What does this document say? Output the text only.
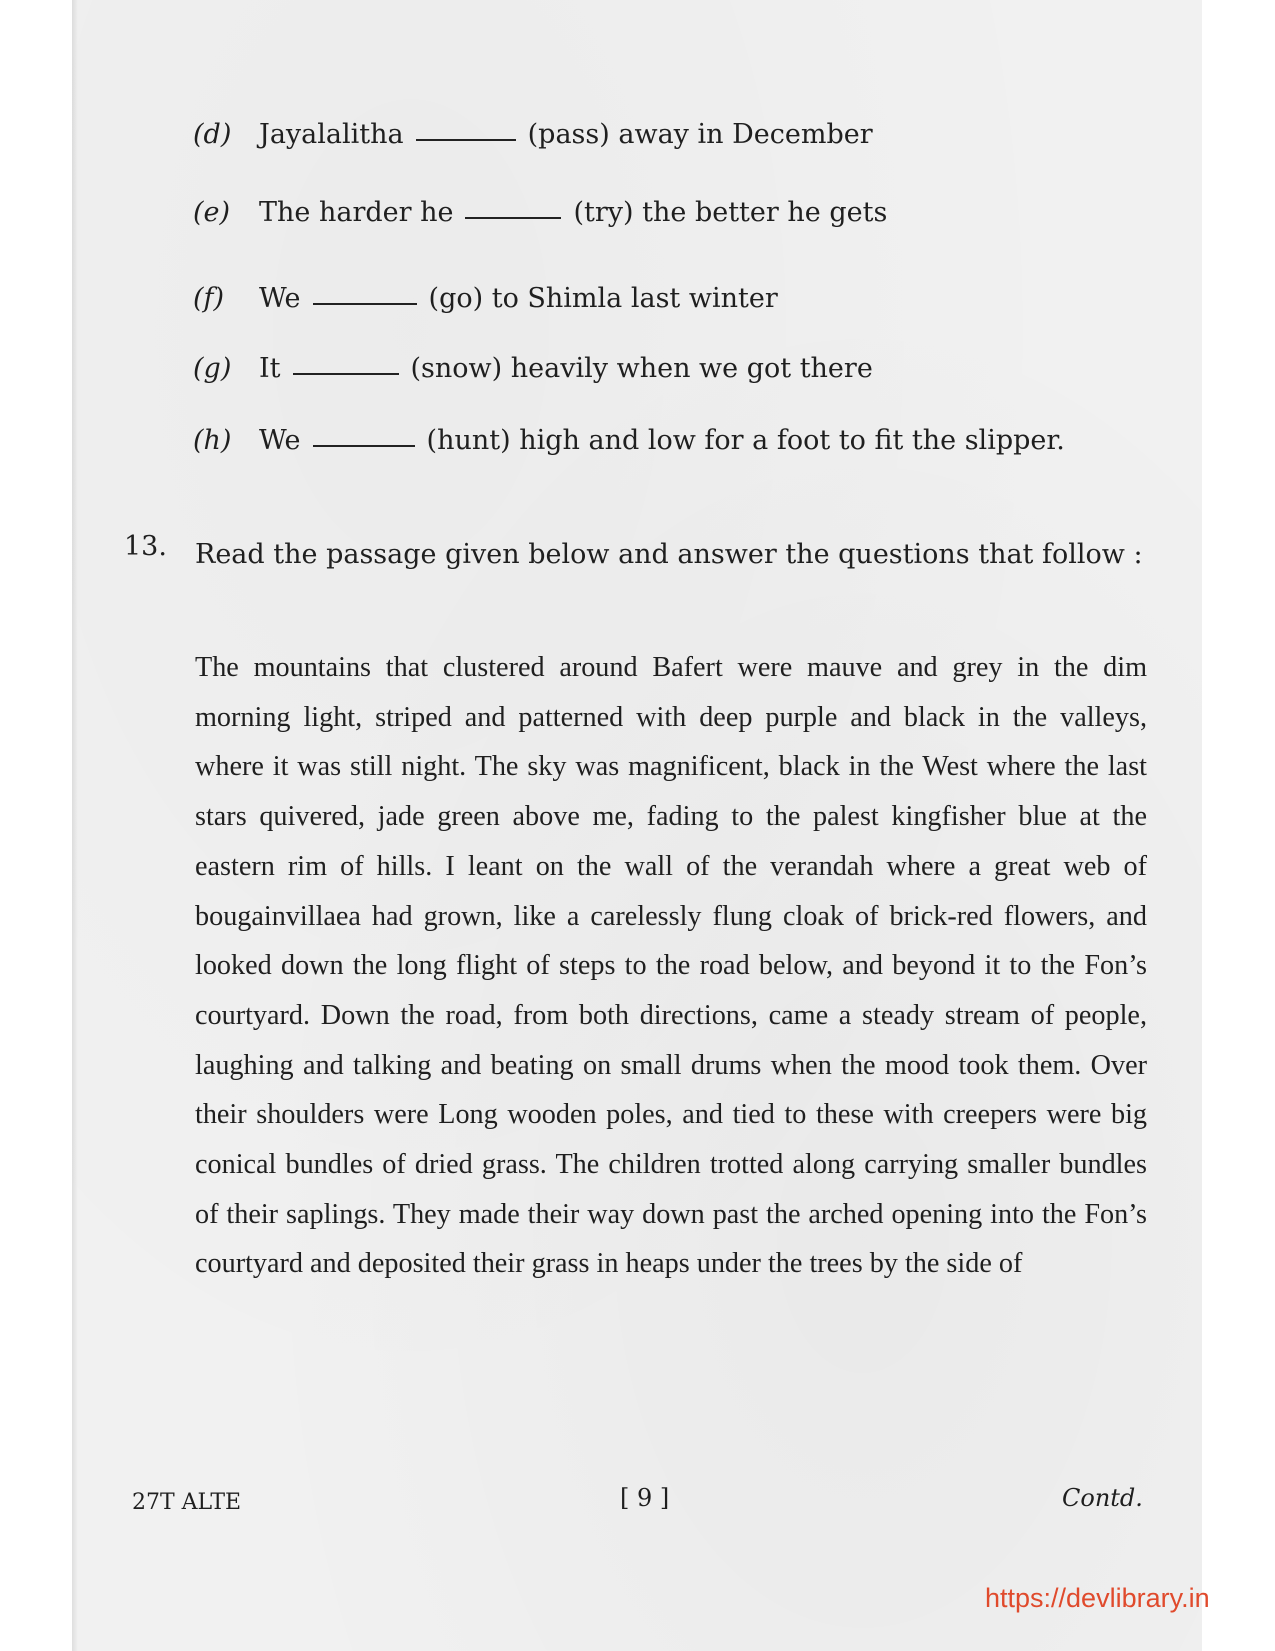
(d) Jayalalitha	(pass) away in December
(e) The harder he	(try) the better he gets
(f) We	(go) to Shimla last winter
(g) It	(snow) heavily when we got there
(h) We	(hunt) high and low for a foot to fit the slipper.
13. Read the passage given below and answer the questions that follow :
The mountains that clustered around Bafert were mauve and grey in the dim morning light, striped and patterned with deep purple and black in the valleys, where it was still night. The sky was magnificent, black in the West where the last stars quivered, jade green above me, fading to the palest kingfisher blue at the eastern rim of hills. I leant on the wall of the verandah where a great web of bougainvillaea had grown, like a carelessly flung cloak of brick-red flowers, and looked down the long flight of steps to the road below, and beyond it to the Fon’s courtyard. Down the road, from both directions, came a steady stream of people, laughing and talking and beating on small drums when the mood took them. Over their shoulders were Long wooden poles, and tied to these with creepers were big conical bundles of dried grass. The children trotted along carrying smaller bundles of their saplings. They made their way down past the arched opening into the Fon’s courtyard and deposited their grass in heaps under the trees by the side of
27T ALTE	[ 9 ]	Contd.
https://devlibrary.in
